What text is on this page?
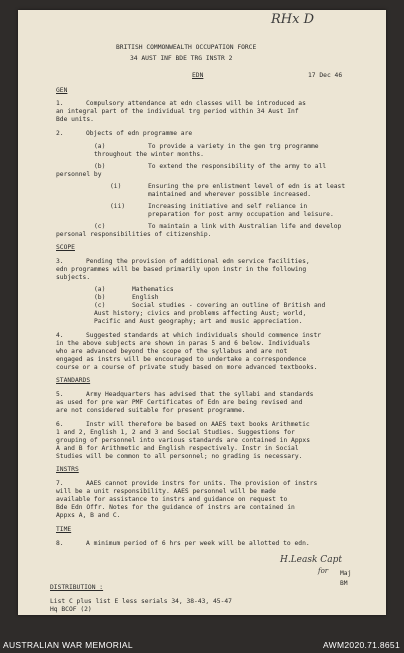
RHx D
BRITISH COMMONWEALTH OCCUPATION FORCE
34 AUST INF BDE TRG INSTR 2
EDN	17 Dec 46
GEN
1.	Compulsory attendance at edn classes will be introduced as
an integral part of the individual trg period within 34 Aust Inf
Bde units.
2.	Objects of edn programme are
(a)	To provide a variety in the gen trg programme
throughout the winter months.
(b)	To extend the responsibility of the army to all
personnel by
(i)	Ensuring the pre enlistment level of edn is at least
maintained and wherever possible increased.
(ii)	Increasing initiative and self reliance in
preparation for post army occupation and leisure.
(c)	To maintain a link with Australian life and develop
personal responsibilities of citizenship.
SCOPE
3.	Pending the provision of additional edn service facilities,
edn programmes will be based primarily upon instr in the following
subjects.
(a)	Mathematics
(b)	English
(c)	Social studies - covering an outline of British and
Aust history; civics and problems affecting Aust; world,
Pacific and Aust geography; art and music appreciation.
4.	Suggested standards at which individuals should commence instr
in the above subjects are shown in paras 5 and 6 below. Individuals
who are advanced beyond the scope of the syllabus and are not
engaged as instrs will be encouraged to undertake a correspondence
course or a course of private study based on more advanced textbooks.
STANDARDS
5.	Army Headquarters has advised that the syllabi and standards
as used for pre war PMF Certificates of Edn are being revised and
are not considered suitable for present programme.
6.	Instr will therefore be based on AAES text books Arithmetic
1 and 2, English 1, 2 and 3 and Social Studies. Suggestions for
grouping of personnel into various standards are contained in Appxs
A and B for Arithmetic and English respectively. Instr in Social
Studies will be common to all personnel; no grading is necessary.
INSTRS
7.	AAES cannot provide instrs for units. The provision of instrs
will be a unit responsibility. AAES personnel will be made
available for assistance to instrs and guidance on request to
Bde Edn Offr. Notes for the guidance of instrs are contained in
Appxs A, B and C.
TIME
8.	A minimum period of 6 hrs per week will be allotted to edn.
H.Leask Capt
for Maj
BM
DISTRIBUTION :
List C plus list E less serials 34, 38-43, 45-47
Hq BCOF (2)
AUSTRALIAN WAR MEMORIAL	AWM2020.71.8651
